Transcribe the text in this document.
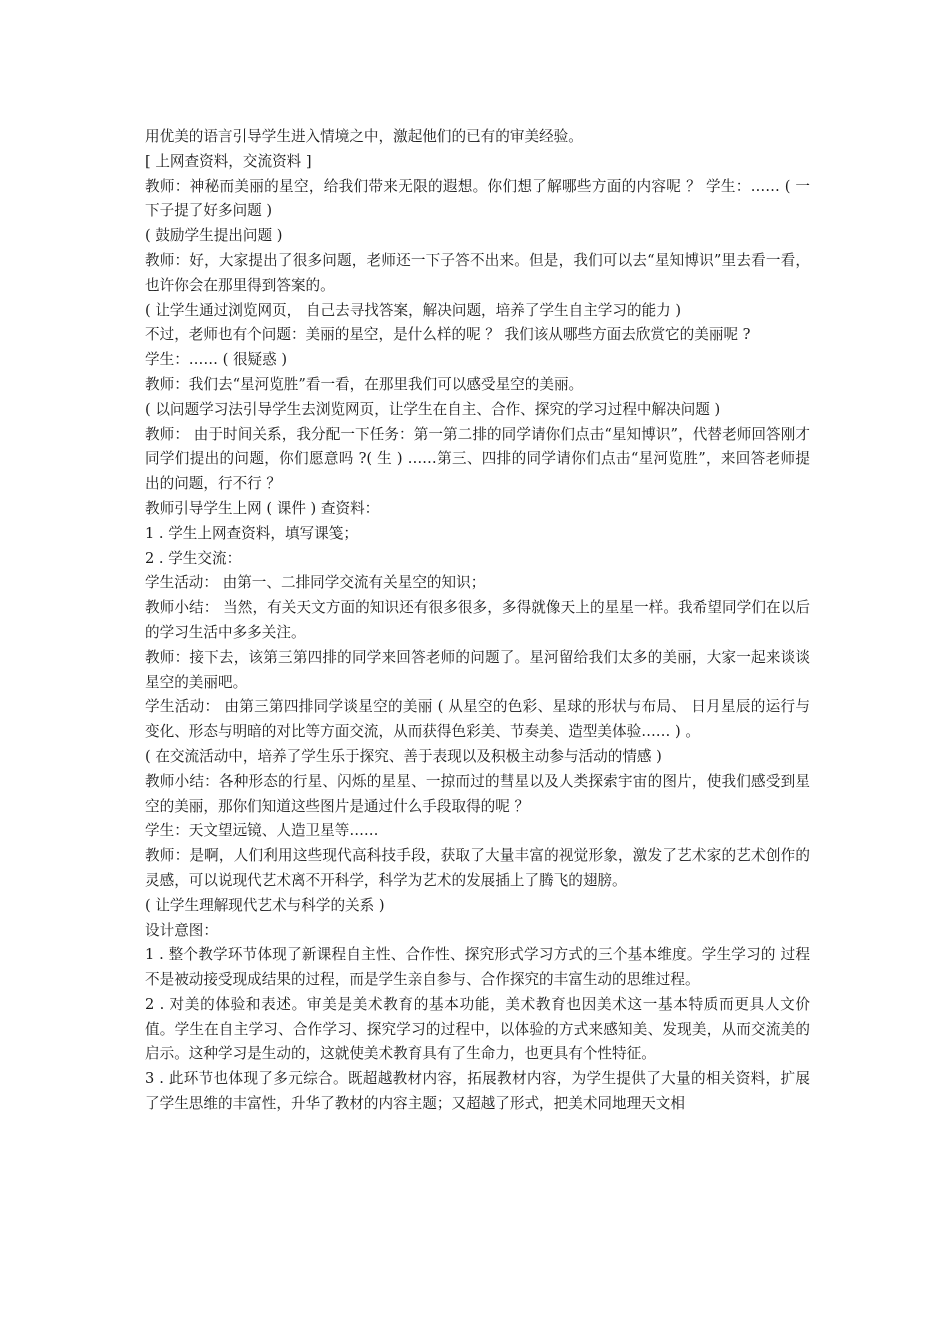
用优美的语言引导学生进入情境之中，激起他们的已有的审美经验。

[ 上网查资料，交流资料 ]

教师：神秘而美丽的星空，给我们带来无限的遐想。你们想了解哪些方面的内容呢 ？ 学生：…… ( 一下子提了好多问题 )

( 鼓励学生提出问题 )

教师：好，大家提出了很多问题，老师还一下子答不出来。但是，我们可以去“星知博识”里去看一看，也许你会在那里得到答案的。

( 让学生通过浏览网页， 自己去寻找答案，解决问题，培养了学生自主学习的能力 )

不过，老师也有个问题：美丽的星空，是什么样的呢 ？ 我们该从哪些方面去欣赏它的美丽呢 ?

学生：…… ( 很疑惑 )

教师：我们去“星河览胜”看一看，在那里我们可以感受星空的美丽。

( 以问题学习法引导学生去浏览网页，让学生在自主、合作、探究的学习过程中解决问题 )

教师： 由于时间关系，我分配一下任务：第一第二排的同学请你们点击“星知博识”，代替老师回答刚才同学们提出的问题，你们愿意吗 ?( 生 ) ……第三、四排的同学请你们点击“星河览胜”，来回答老师提出的问题，行不行 ？

教师引导学生上网 ( 课件 ) 查资料：

1 . 学生上网查资料，填写课笺；

2 . 学生交流：

学生活动： 由第一、二排同学交流有关星空的知识；

教师小结： 当然，有关天文方面的知识还有很多很多，多得就像天上的星星一样。我希望同学们在以后的学习生活中多多关注。

教师：接下去，该第三第四排的同学来回答老师的问题了。星河留给我们太多的美丽，大家一起来谈谈星空的美丽吧。

学生活动： 由第三第四排同学谈星空的美丽 ( 从星空的色彩、星球的形状与布局、 日月星辰的运行与变化、形态与明暗的对比等方面交流，从而获得色彩美、节奏美、造型美体验…… ) 。

( 在交流活动中，培养了学生乐于探究、善于表现以及积极主动参与活动的情感 )

教师小结：各种形态的行星、闪烁的星星、一掠而过的彗星以及人类探索宇宙的图片，使我们感受到星空的美丽，那你们知道这些图片是通过什么手段取得的呢 ？

学生：天文望远镜、人造卫星等……

教师：是啊，人们利用这些现代高科技手段，获取了大量丰富的视觉形象，激发了艺术家的艺术创作的灵感，可以说现代艺术离不开科学，科学为艺术的发展插上了腾飞的翅膀。

( 让学生理解现代艺术与科学的关系 )

设计意图：

1 . 整个教学环节体现了新课程自主性、合作性、探究形式学习方式的三个基本维度。学生学习的 过程不是被动接受现成结果的过程，而是学生亲自参与、合作探究的丰富生动的思维过程。

2 . 对美的体验和表述。审美是美术教育的基本功能，美术教育也因美术这一基本特质而更具人文价值。学生在自主学习、合作学习、探究学习的过程中，以体验的方式来感知美、发现美，从而交流美的启示。这种学习是生动的，这就使美术教育具有了生命力，也更具有个性特征。

3 . 此环节也体现了多元综合。既超越教材内容，拓展教材内容，为学生提供了大量的相关资料，扩展了学生思维的丰富性，升华了教材的内容主题；又超越了形式，把美术同地理天文相
